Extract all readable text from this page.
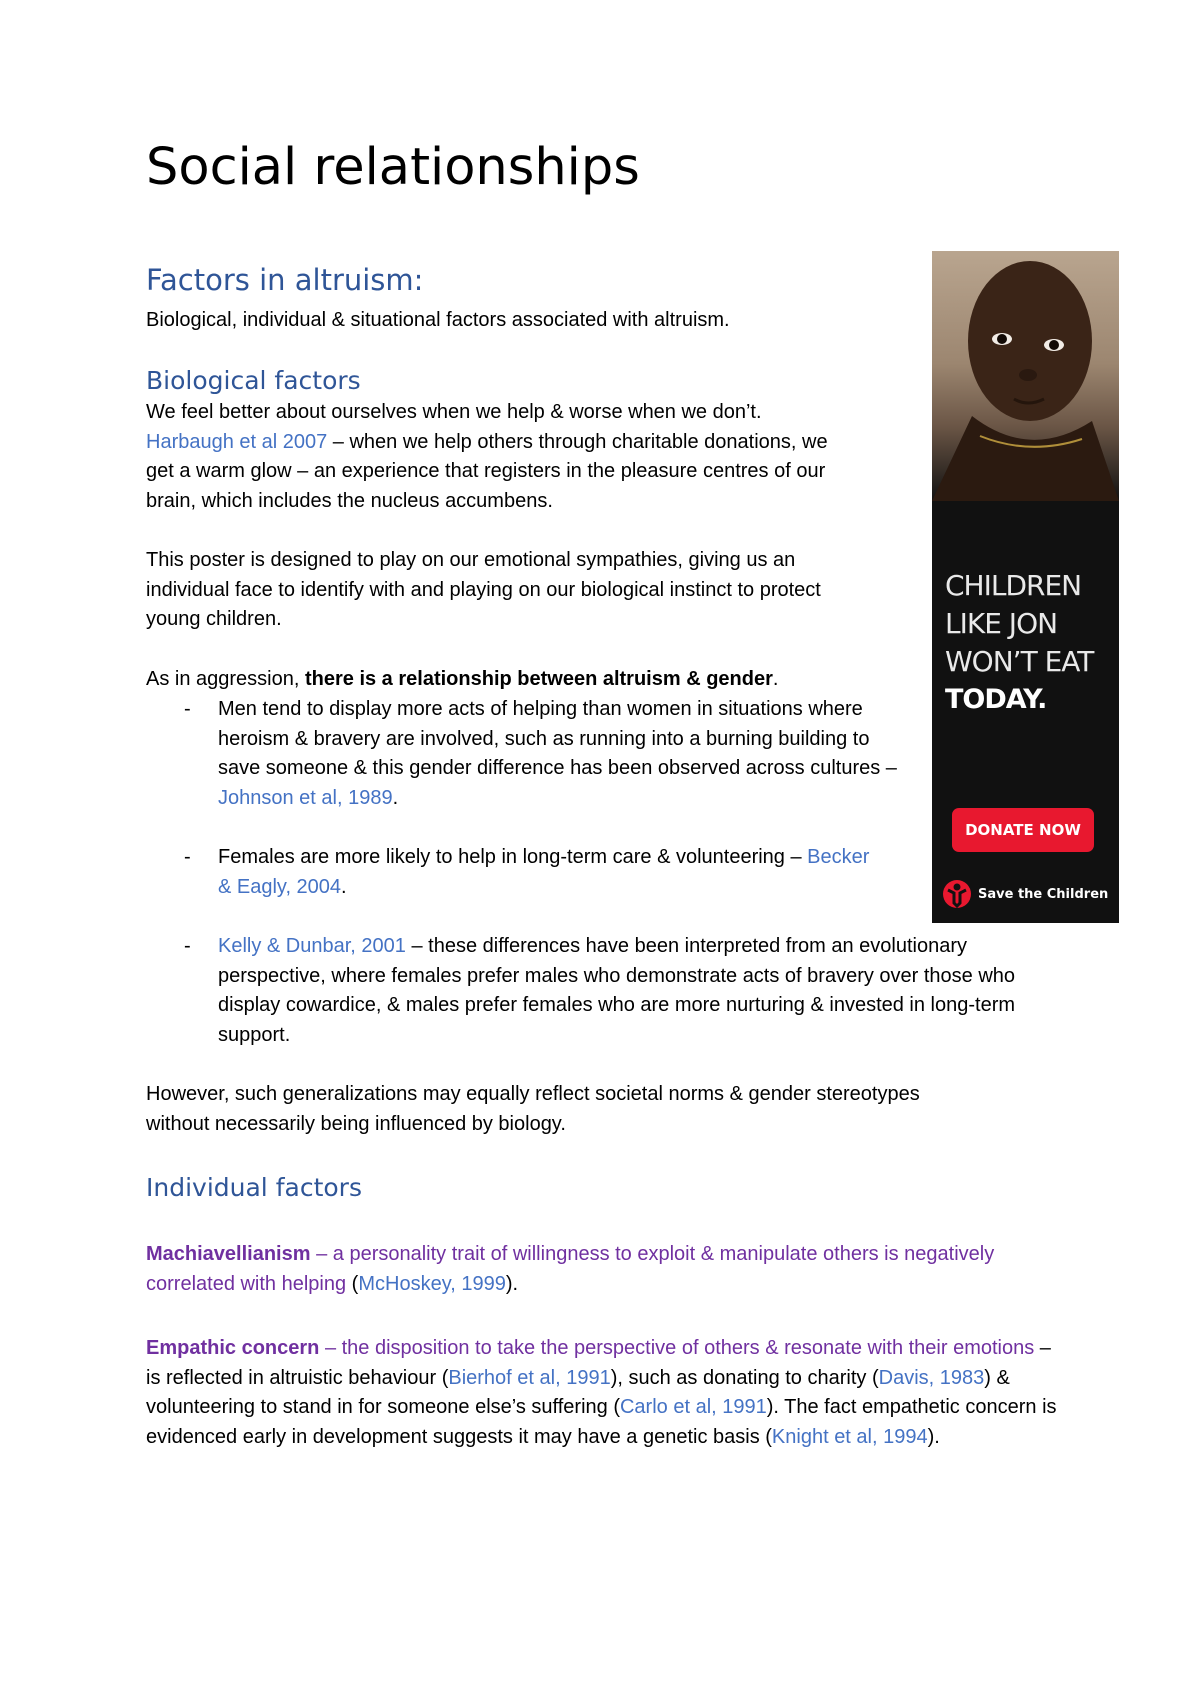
Social relationships
Factors in altruism:

Biological, individual & situational factors associated with altruism.

Biological factors

We feel better about ourselves when we help & worse when we don’t.

Harbaugh et al 2007 – when we help others through charitable donations, we

get a warm glow – an experience that registers in the pleasure centres of our

brain, which includes the nucleus accumbens.

This poster is designed to play on our emotional sympathies, giving us an

individual face to identify with and playing on our biological instinct to protect

young children.

As in aggression, there is a relationship between altruism & gender.

- Men tend to display more acts of helping than women in situations where heroism & bravery are involved, such as running into a burning building to save someone & this gender difference has been observed across cultures – Johnson et al, 1989.
- Females are more likely to help in long-term care & volunteering – Becker & Eagly, 2004.
- Kelly & Dunbar, 2001 – these differences have been interpreted from an evolutionary perspective, where females prefer males who demonstrate acts of bravery over those who display cowardice, & males prefer females who are more nurturing & invested in long-term support.

However, such generalizations may equally reflect societal norms & gender stereotypes

without necessarily being influenced by biology.

Individual factors

Machiavellianism – a personality trait of willingness to exploit & manipulate others is negatively correlated with helping (McHoskey, 1999).

Empathic concern – the disposition to take the perspective of others & resonate with their emotions – is reflected in altruistic behaviour (Bierhof et al, 1991), such as donating to charity (Davis, 1983) & volunteering to stand in for someone else’s suffering (Carlo et al, 1991). The fact empathetic concern is evidenced early in development suggests it may have a genetic basis (Knight et al, 1994).

CHILDREN
LIKE JON
WON’T EAT

TODAY.

DONATE NOW
Save the Children
